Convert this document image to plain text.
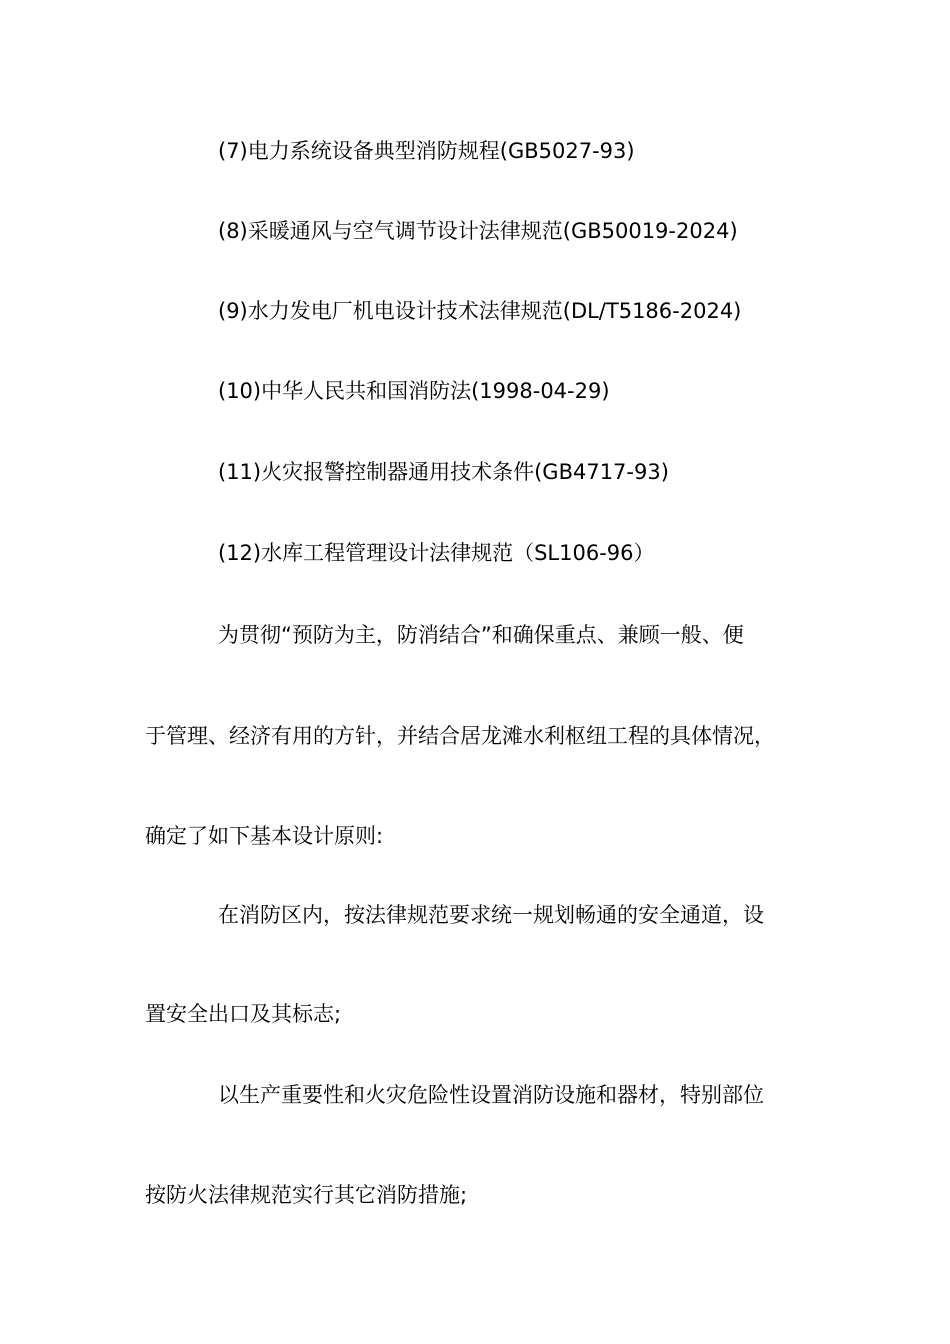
(7)电力系统设备典型消防规程(GB5027-93)
(8)采暖通风与空气调节设计法律规范(GB50019-2024)
(9)水力发电厂机电设计技术法律规范(DL/T5186-2024)
(10)中华人民共和国消防法(1998-04-29)
(11)火灾报警控制器通用技术条件(GB4717-93)
(12)水库工程管理设计法律规范（SL106-96）
为贯彻“预防为主，防消结合”和确保重点、兼顾一般、便
于管理、经济有用的方针，并结合居龙滩水利枢纽工程的具体情况，
确定了如下基本设计原则:
在消防区内，按法律规范要求统一规划畅通的安全通道，设
置安全出口及其标志;
以生产重要性和火灾危险性设置消防设施和器材，特别部位
按防火法律规范实行其它消防措施;
